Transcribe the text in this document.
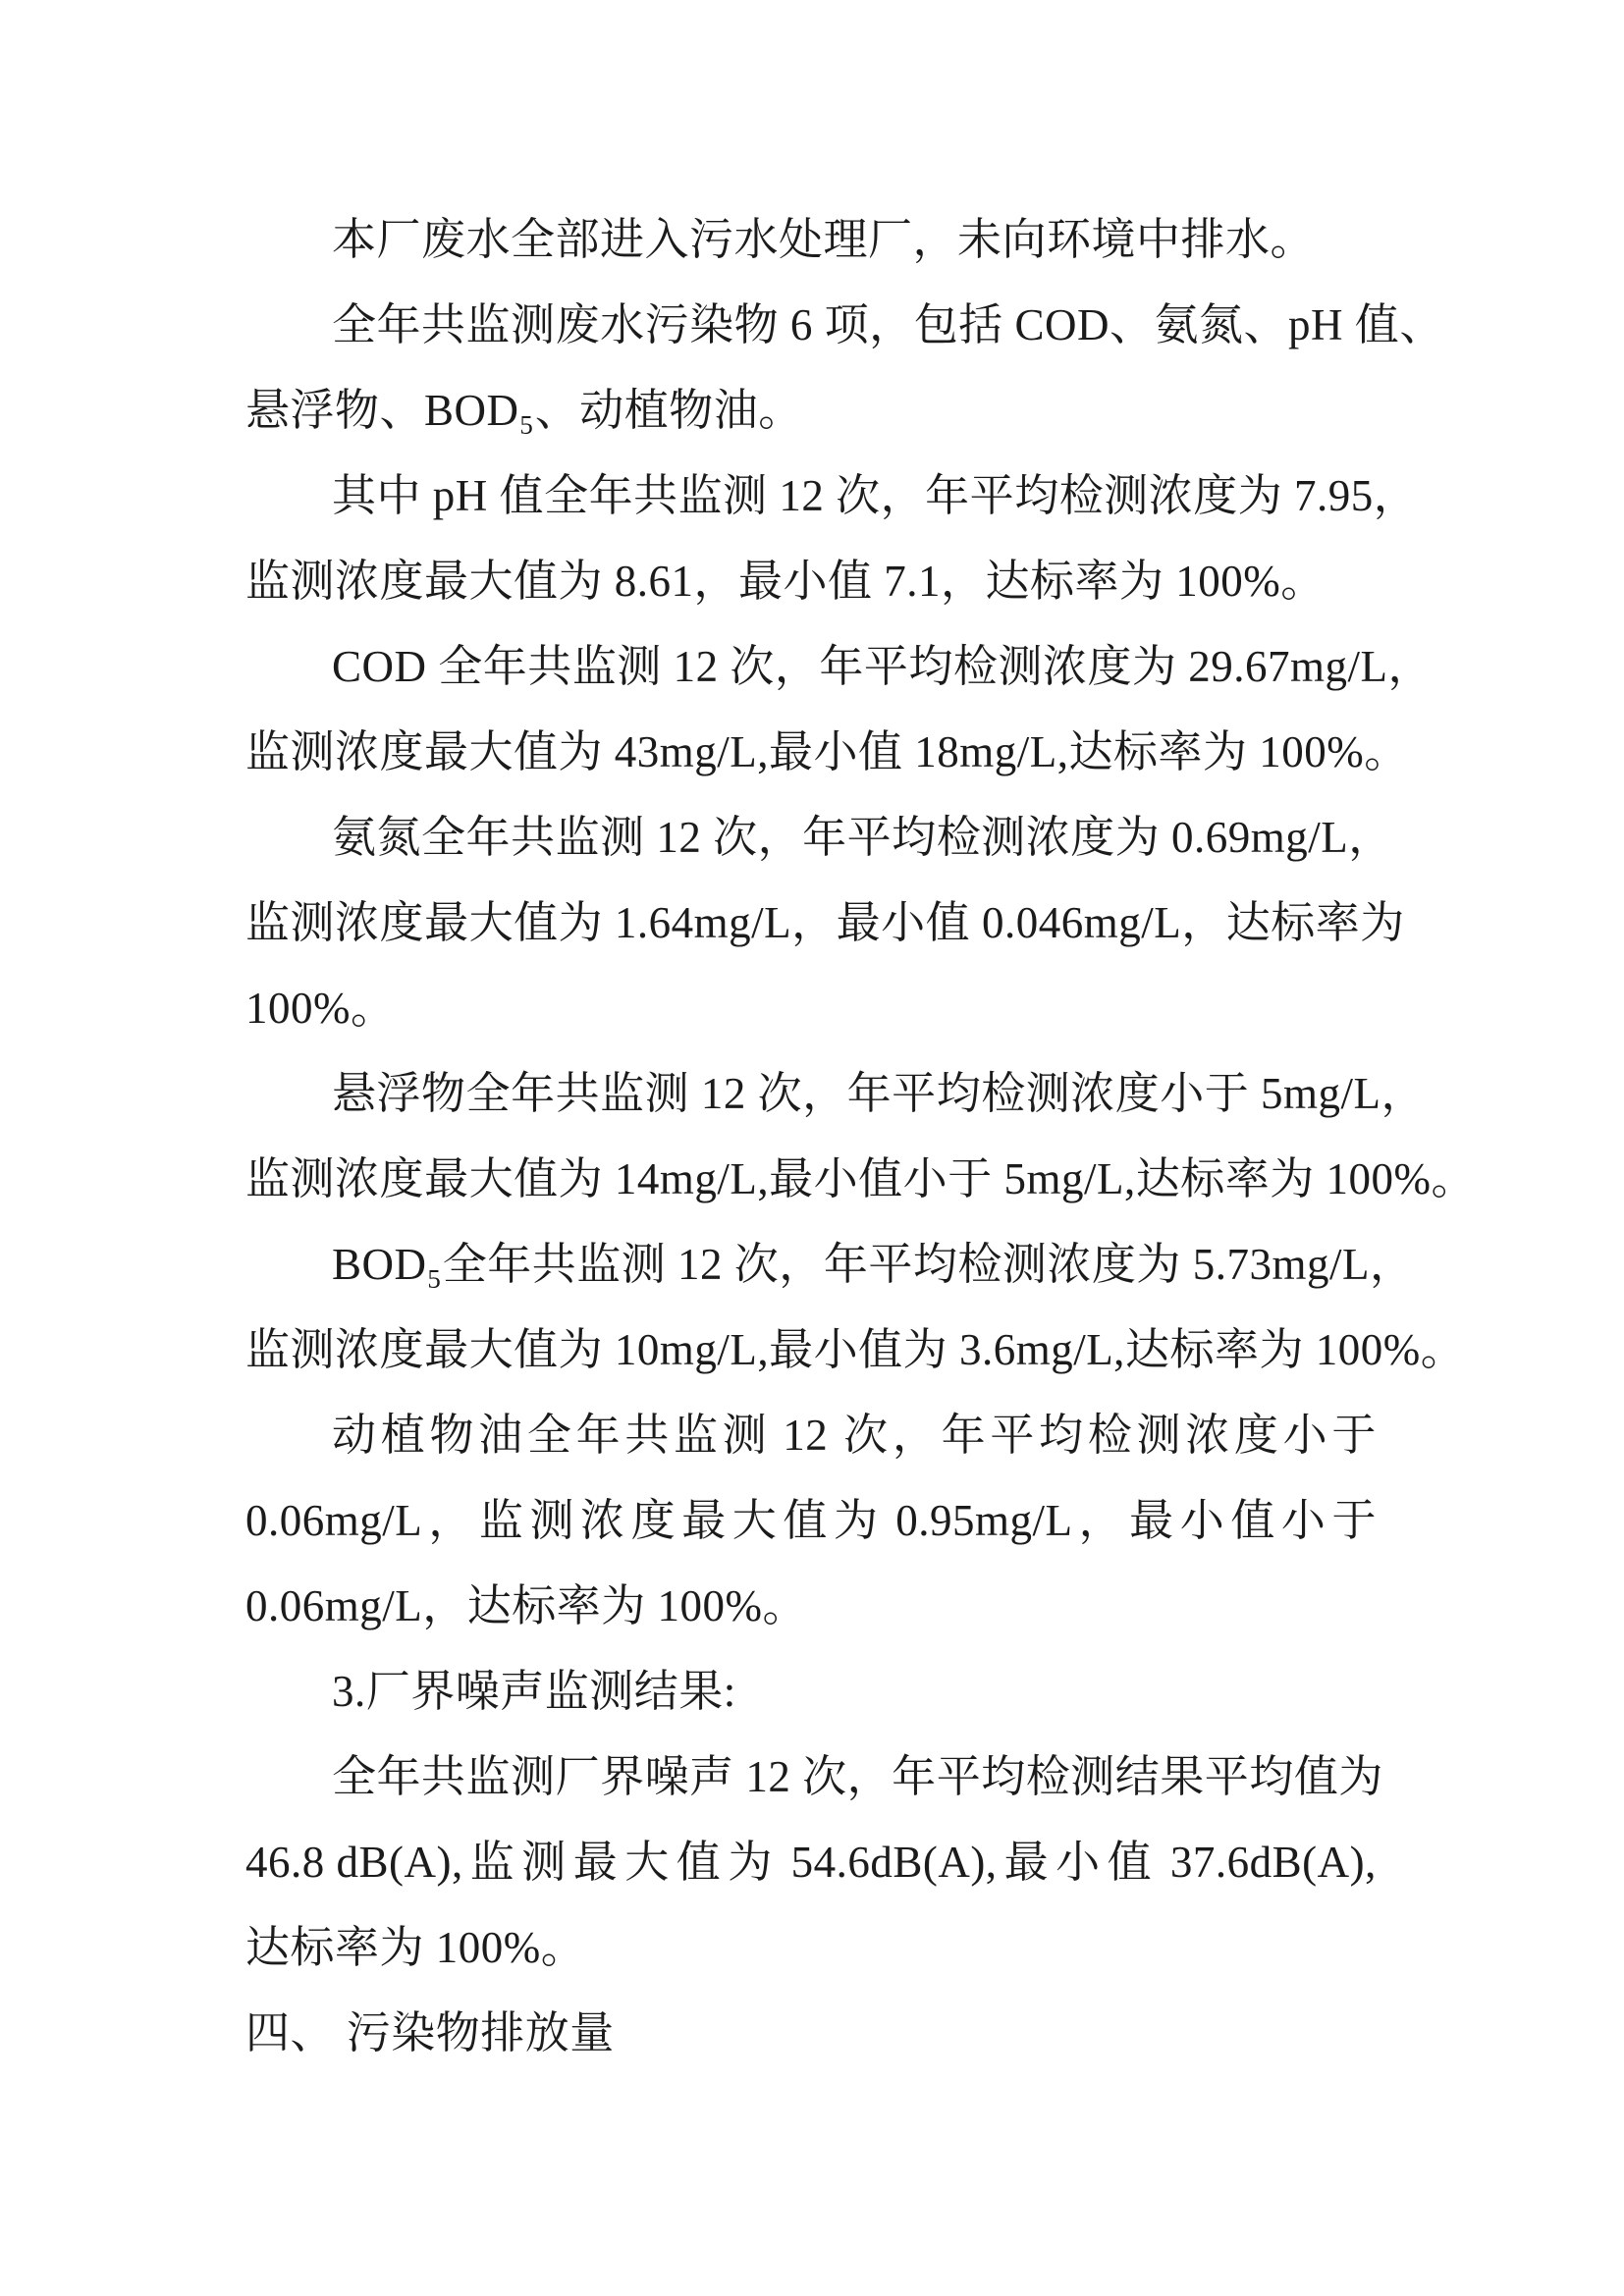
本厂废水全部进入污水处理厂，未向环境中排水。
全 年 共 监 测 废 水 污 染 物 6 项 ， 包 括 COD 、 氨 氮 、 pH 值 、
悬浮物、BOD₅、动植物油。
其 中 pH 值 全 年 共 监 测 12 次 ， 年 平 均 检 测 浓 度 为 7.95 ，
监测浓度最大值为 8.61，最小值 7.1，达标率为 100%。
COD 全 年 共 监 测 12 次 ， 年 平 均 检 测 浓 度 为 29.67mg/L ，
监测浓度最大值为 43mg/L,最小值 18mg/L,达标率为 100%。
氨 氮 全 年 共 监 测 12 次 ， 年 平 均 检 测 浓 度 为 0.69mg/L ，
监 测 浓 度 最 大 值 为 1.64mg/L ， 最 小 值 0.046mg/L ， 达 标 率 为
100%。
悬 浮 物 全 年 共 监 测 12 次 ， 年 平 均 检 测 浓 度 小 于 5mg/L ，
监 测 浓 度 最 大 值 为 14mg/L, 最 小 值 小 于 5mg/L, 达 标 率 为 100% 。
BOD₅ 全 年 共 监 测 12 次 ， 年 平 均 检 测 浓 度 为 5.73mg/L ，
监 测 浓 度 最 大 值 为 10mg/L, 最 小 值 为 3.6mg/L, 达 标 率 为 100% 。
动 植 物 油 全 年 共 监 测 12 次 ， 年 平 均 检 测 浓 度 小 于
0.06mg/L ， 监 测 浓 度 最 大 值 为 0.95mg/L ， 最 小 值 小 于
0.06mg/L，达标率为 100%。
3.厂界噪声监测结果:
全 年 共 监 测 厂 界 噪 声 12 次 ， 年 平 均 检 测 结 果 平 均 值 为
46.8 dB(A), 监 测 最 大 值 为 54.6dB(A), 最 小 值 37.6dB(A),
达标率为 100%。
四、 污染物排放量
